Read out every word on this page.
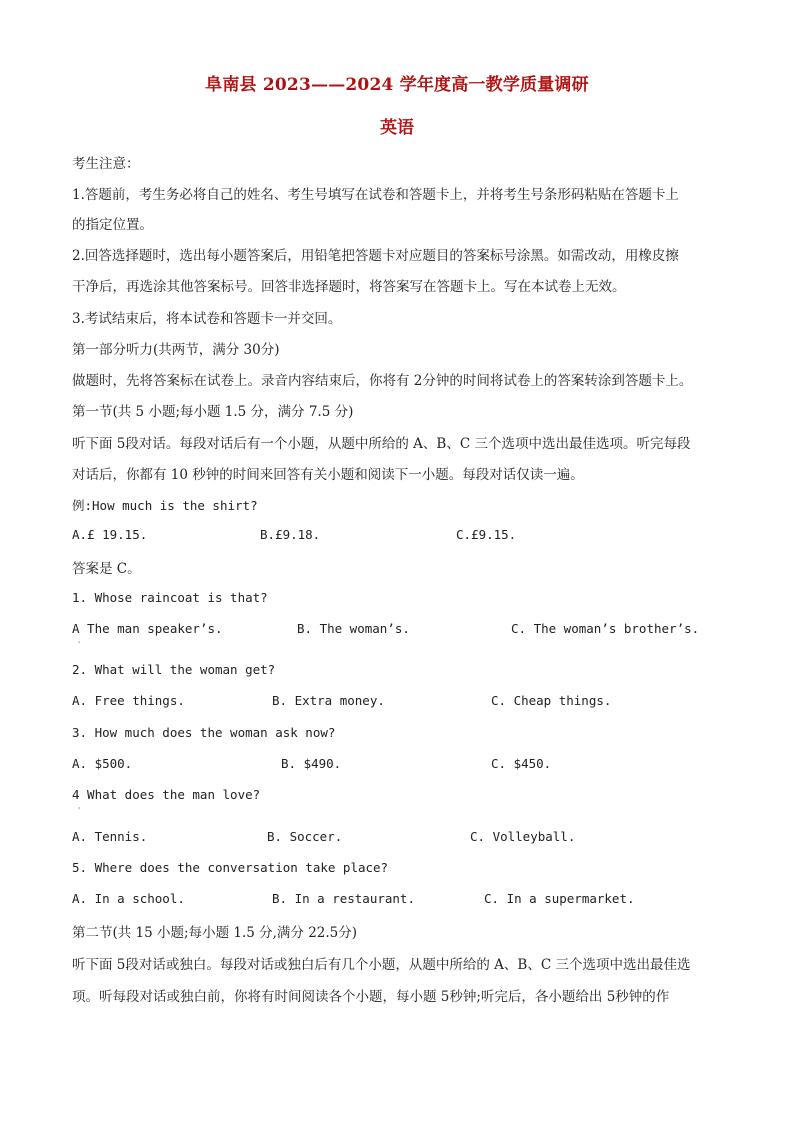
阜南县 2023——2024 学年度高一教学质量调研
英语
考生注意：
1.答题前，考生务必将自己的姓名、考生号填写在试卷和答题卡上，并将考生号条形码粘贴在答题卡上
的指定位置。
2.回答选择题时，选出每小题答案后，用铅笔把答题卡对应题目的答案标号涂黑。如需改动，用橡皮擦
干净后，再选涂其他答案标号。回答非选择题时，将答案写在答题卡上。写在本试卷上无效。
3.考试结束后，将本试卷和答题卡一并交回。
第一部分听力(共两节，满分 30分)
做题时，先将答案标在试卷上。录音内容结束后，你将有 2分钟的时间将试卷上的答案转涂到答题卡上。
第一节(共 5 小题;每小题 1.5 分，满分 7.5 分)
听下面 5段对话。每段对话后有一个小题，从题中所给的 A、B、C 三个选项中选出最佳选项。听完每段
对话后，你都有 10 秒钟的时间来回答有关小题和阅读下一小题。每段对话仅读一遍。
例:How much is the shirt?
A.£ 19.15.	B.£9.18.	C.£9.15.
答案是 C。
1. Whose raincoat is that?
A The man speaker’s.	B. The woman’s.	C. The woman’s brother’s.
'
2. What will the woman get?
A. Free things.	B. Extra money.	C. Cheap things.
3. How much does the woman ask now?
A. $500.	B. $490.	C. $450.
4 What does the man love?
'
A. Tennis.	B. Soccer.	C. Volleyball.
5. Where does the conversation take place?
A. In a school.	B. In a restaurant.	C. In a supermarket.
第二节(共 15 小题;每小题 1.5 分,满分 22.5分)
听下面 5段对话或独白。每段对话或独白后有几个小题，从题中所给的 A、B、C 三个选项中选出最佳选
项。听每段对话或独白前，你将有时间阅读各个小题，每小题 5秒钟;听完后，各小题给出 5秒钟的作
